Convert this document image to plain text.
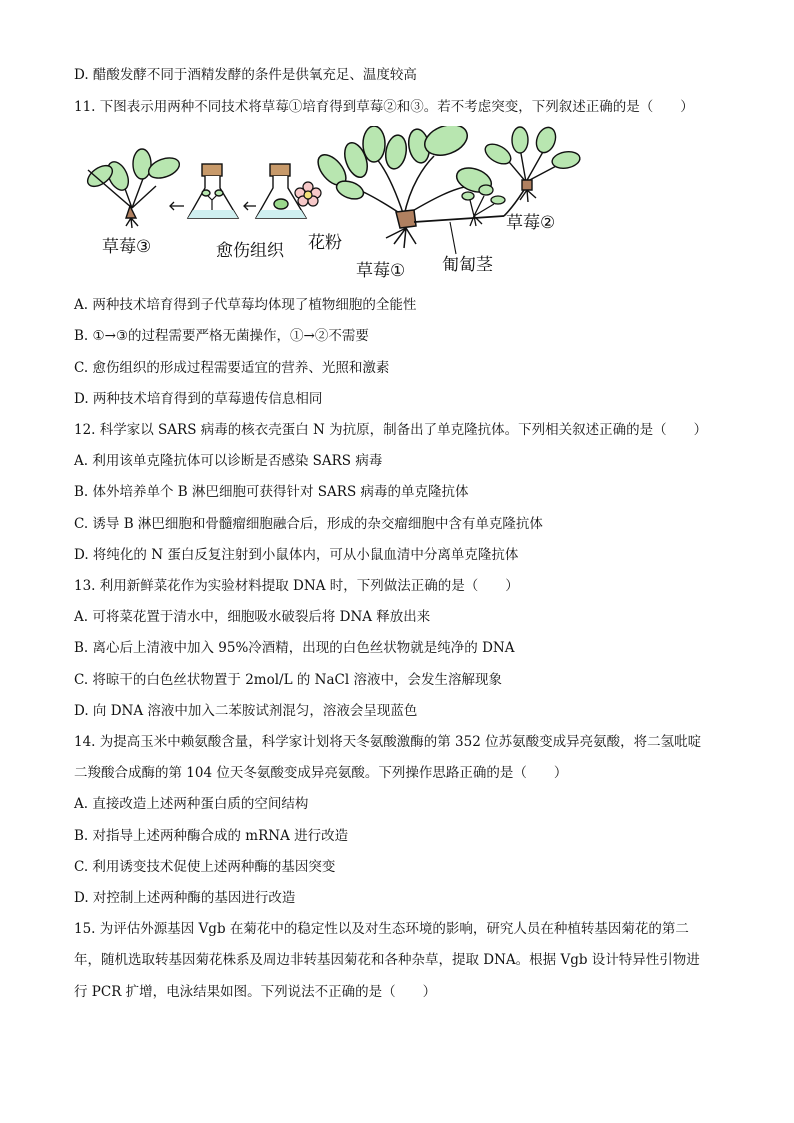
D. 醋酸发酵不同于酒精发酵的条件是供氧充足、温度较高
11. 下图表示用两种不同技术将草莓①培育得到草莓②和③。若不考虑突变，下列叙述正确的是（　　）
草莓③	愈伤组织 花粉
草莓① 匍匐茎
草莓②
A. 两种技术培育得到子代草莓均体现了植物细胞的全能性
B. ①→③的过程需要严格无菌操作，①→②不需要
C. 愈伤组织的形成过程需要适宜的营养、光照和激素
D. 两种技术培育得到的草莓遗传信息相同
12. 科学家以 SARS 病毒的核衣壳蛋白 N 为抗原，制备出了单克隆抗体。下列相关叙述正确的是（　　）
A. 利用该单克隆抗体可以诊断是否感染 SARS 病毒
B. 体外培养单个 B 淋巴细胞可获得针对 SARS 病毒的单克隆抗体
C. 诱导 B 淋巴细胞和骨髓瘤细胞融合后，形成的杂交瘤细胞中含有单克隆抗体
D. 将纯化的 N 蛋白反复注射到小鼠体内，可从小鼠血清中分离单克隆抗体
13. 利用新鲜菜花作为实验材料提取 DNA 时，下列做法正确的是（　　）
A. 可将菜花置于清水中，细胞吸水破裂后将 DNA 释放出来
B. 离心后上清液中加入 95%冷酒精，出现的白色丝状物就是纯净的 DNA
C. 将晾干的白色丝状物置于 2mol/L 的 NaCl 溶液中，会发生溶解现象
D. 向 DNA 溶液中加入二苯胺试剂混匀，溶液会呈现蓝色
14. 为提高玉米中赖氨酸含量，科学家计划将天冬氨酸激酶的第 352 位苏氨酸变成异亮氨酸，将二氢吡啶
二羧酸合成酶的第 104 位天冬氨酸变成异亮氨酸。下列操作思路正确的是（　　）
A. 直接改造上述两种蛋白质的空间结构
B. 对指导上述两种酶合成的 mRNA 进行改造
C. 利用诱变技术促使上述两种酶的基因突变
D. 对控制上述两种酶的基因进行改造
15. 为评估外源基因 Vgb 在菊花中的稳定性以及对生态环境的影响，研究人员在种植转基因菊花的第二
年，随机选取转基因菊花株系及周边非转基因菊花和各种杂草，提取 DNA。根据 Vgb 设计特异性引物进
行 PCR 扩增，电泳结果如图。下列说法不正确的是（　　）
